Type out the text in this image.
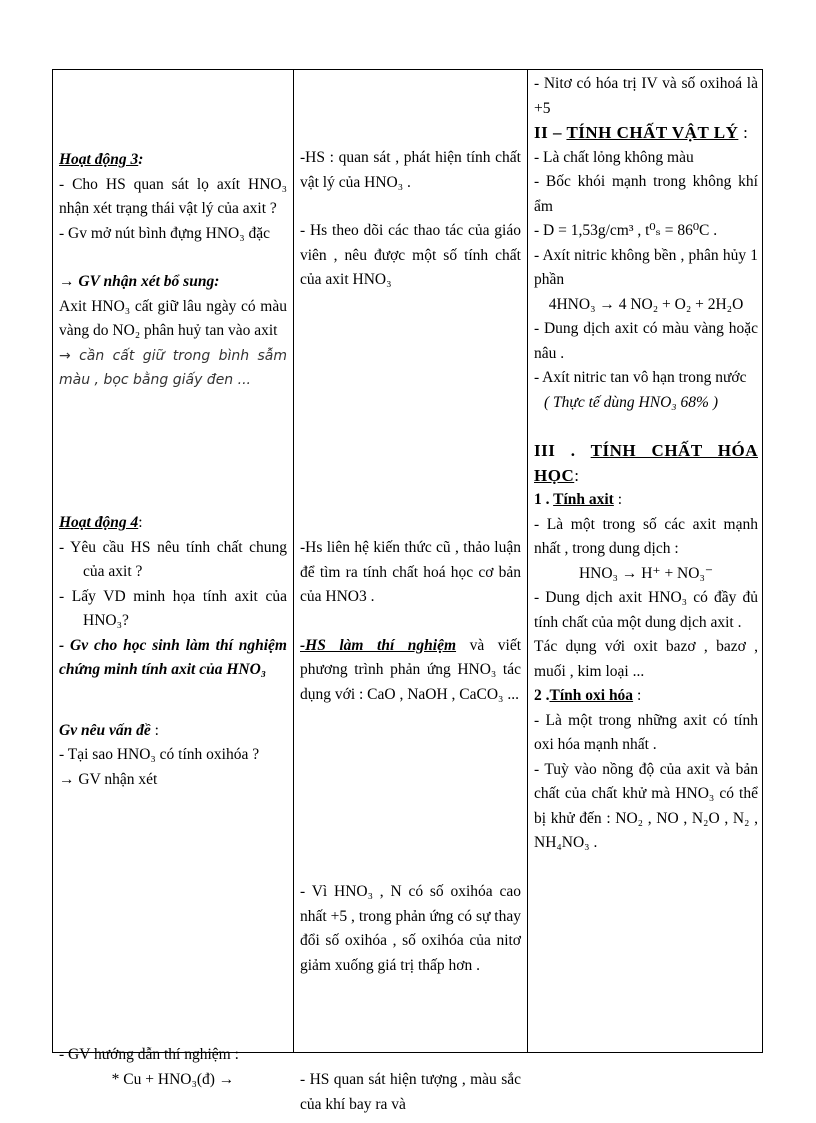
Hoạt động 3:

- Cho HS quan sát lọ axít HNO₃ nhận xét trạng thái vật lý của axit ?

- Gv mở nút bình đựng HNO₃ đặc

→ GV nhận xét bổ sung:

Axit HNO₃ cất giữ lâu ngày có màu vàng do NO₂ phân huỷ tan vào axit

→ cần cất giữ trong bình sẫm màu , bọc bằng giấy đen ...

Hoạt động 4:

- Yêu cầu HS nêu tính chất chung của axit ?

- Lấy VD minh họa tính axit của HNO₃?

- Gv cho học sinh làm thí nghiệm chứng minh tính axit của HNO₃

Gv nêu vấn đề :

- Tại sao HNO₃ có tính oxihóa ?

→ GV nhận xét

- GV hướng dẫn thí nghiệm :

* Cu + HNO₃(đ) →

-HS : quan sát , phát hiện tính chất vật lý của HNO₃ .

- Hs theo dõi các thao tác của giáo viên , nêu được một số tính chất của axit HNO₃

-Hs liên hệ kiến thức cũ , thảo luận để tìm ra tính chất hoá học cơ bản của HNO3 .

-HS làm thí nghiệm và viết phương trình phản ứng HNO₃ tác dụng với : CaO , NaOH , CaCO₃ ...

- Vì HNO₃ , N có số oxihóa cao nhất +5 , trong phản ứng có sự thay đổi số oxihóa , số oxihóa của nitơ giảm xuống giá trị thấp hơn .

- HS quan sát hiện tượng , màu sắc của khí bay ra và

- Nitơ có hóa trị IV và số oxihoá là +5

II – TÍNH CHẤT VẬT LÝ :

- Là chất lỏng không màu

- Bốc khói mạnh trong không khí ẩm

- D = 1,53g/cm³ , t⁰ₛ = 86⁰C .

- Axít nitric không bền , phân hủy 1 phần

4HNO₃ → 4 NO₂ + O₂ + 2H₂O

- Dung dịch axit có màu vàng hoặc nâu .

- Axít nitric tan vô hạn trong nước

( Thực tế dùng HNO₃ 68% )

III . TÍNH CHẤT HÓA HỌC:

1 . Tính axit :

- Là một trong số các axit mạnh nhất , trong dung dịch :

HNO₃ → H⁺ + NO₃⁻

- Dung dịch axit HNO₃ có đầy đủ tính chất của một dung dịch axit .

Tác dụng với oxit bazơ , bazơ , muối , kim loại ...

2 .Tính oxi hóa :

- Là một trong những axit có tính oxi hóa mạnh nhất .

- Tuỳ vào nồng độ của axit và bản chất của chất khử mà HNO₃ có thể bị khử đến : NO₂ , NO , N₂O , N₂ , NH₄NO₃ .
